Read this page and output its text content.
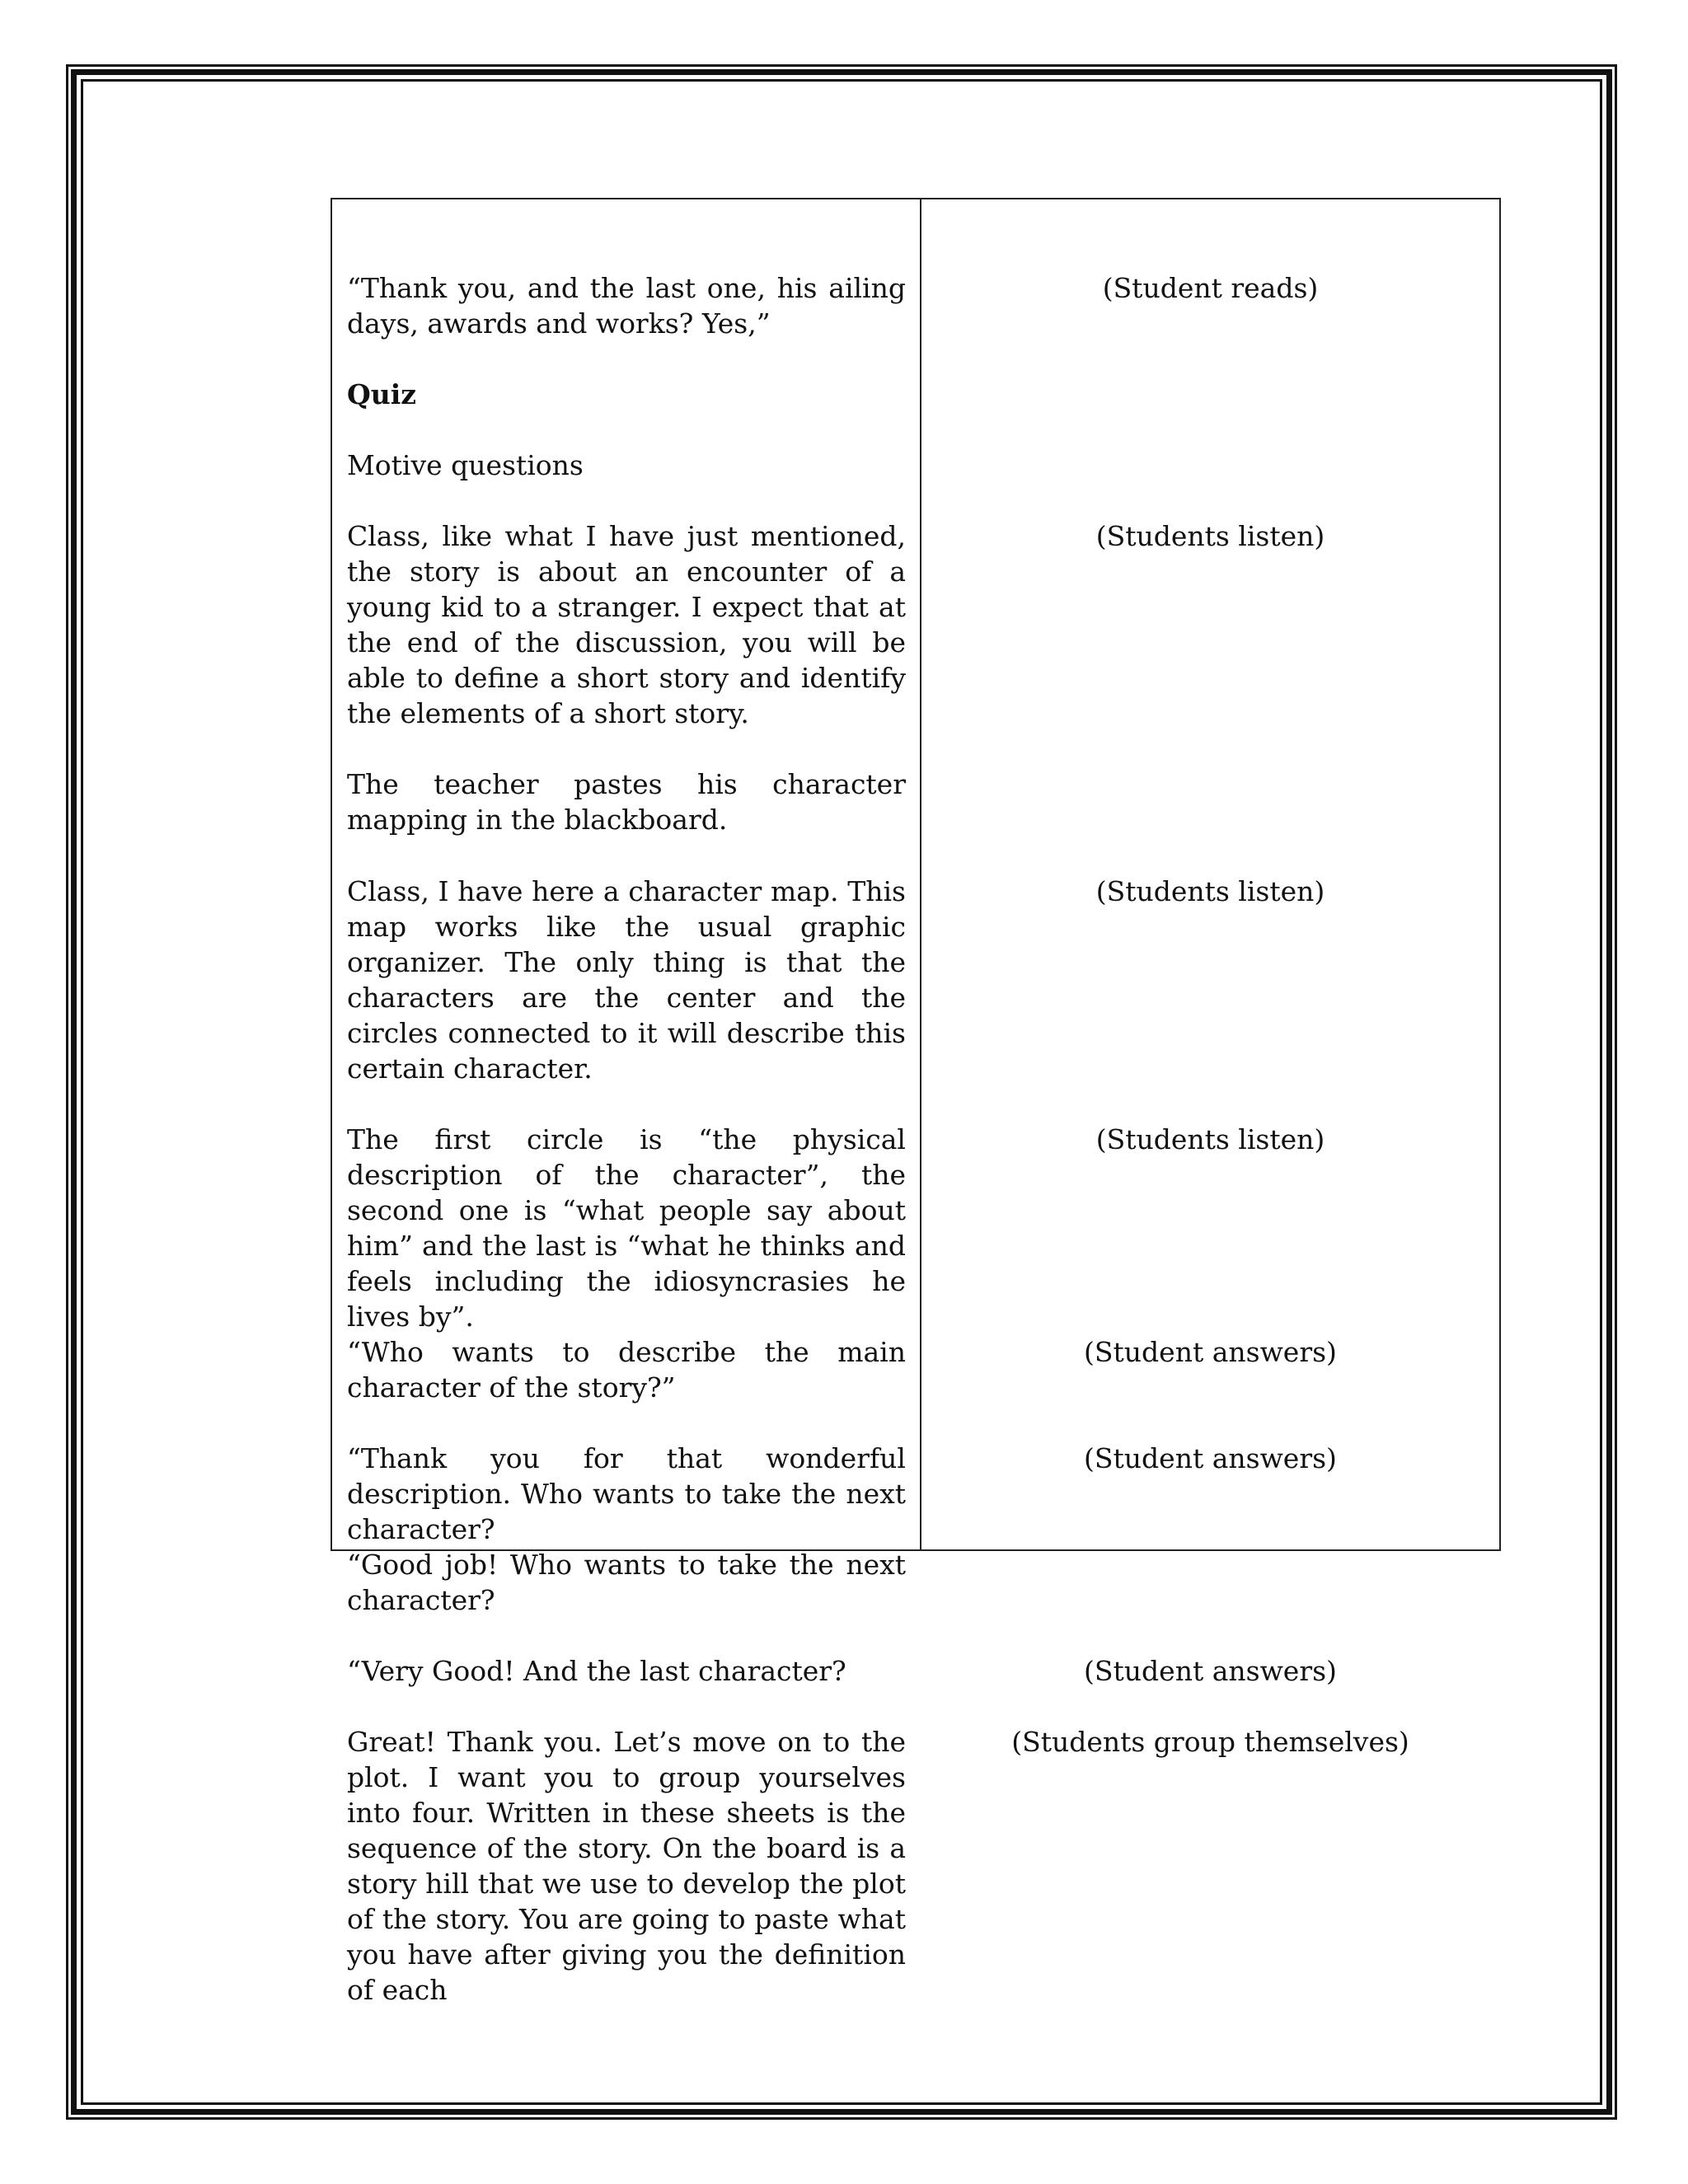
“Thank you, and the last one, his ailing days, awards and works? Yes,”

Quiz

Motive questions

Class, like what I have just mentioned, the story is about an encounter of a young kid to a stranger. I expect that at the end of the discussion, you will be able to define a short story and identify the elements of a short story.

The teacher pastes his character mapping in the blackboard.

Class, I have here a character map. This map works like the usual graphic organizer. The only thing is that the characters are the center and the circles connected to it will describe this certain character.

The first circle is “the physical description of the character”, the second one is “what people say about him” and the last is “what he thinks and feels including the idiosyncrasies he lives by”.

“Who wants to describe the main character of the story?”

“Thank you for that wonderful description. Who wants to take the next character?

“Good job! Who wants to take the next character?

“Very Good! And the last character?

Great! Thank you. Let’s move on to the plot. I want you to group yourselves into four. Written in these sheets is the sequence of the story. On the board is a story hill that we use to develop the plot of the story. You are going to paste what you have after giving you the definition of each

(Student reads)

(Students listen)

(Students listen)

(Students listen)

(Student answers)

(Student answers)

(Student answers)

(Students group themselves)
